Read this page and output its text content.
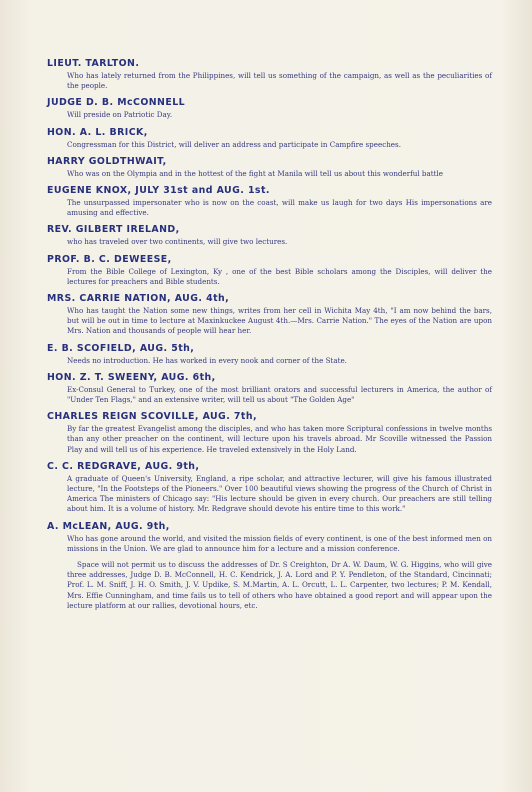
LIEUT. TARLTON.

Who has lately returned from the Philippines, will tell us something of the campaign, as well as the peculiarities of the people.

JUDGE D. B. McCONNELL

Will preside on Patriotic Day.

HON. A. L. BRICK,

Congressman for this District, will deliver an address and participate in Campfire speeches.

HARRY GOLDTHWAIT,

Who was on the Olympia and in the hottest of the fight at Manila will tell us about this wonderful battle

EUGENE KNOX, JULY 31st and AUG. 1st.

The unsurpassed impersonater who is now on the coast, will make us laugh for two days His impersonations are amusing and effective.

REV. GILBERT IRELAND,

who has traveled over two continents, will give two lectures.

PROF. B. C. DEWEESE,

From the Bible College of Lexington, Ky , one of the best Bible scholars among the Disciples, will deliver the lectures for preachers and Bible students.

MRS. CARRIE NATION, AUG. 4th,

Who has taught the Nation some new things, writes from her cell in Wichita May 4th, "I am now behind the bars, but will be out in time to lecture at Maxinkuckee August 4th.—Mrs. Carrie Nation." The eyes of the Nation are upon Mrs. Nation and thousands of people will hear her.

E. B. SCOFIELD, AUG. 5th,

Needs no introduction. He has worked in every nook and corner of the State.

HON. Z. T. SWEENY, AUG. 6th,

Ex-Consul General to Turkey, one of the most brilliant orators and successful lecturers in America, the author of "Under Ten Flags," and an extensive writer, will tell us about "The Golden Age"

CHARLES REIGN SCOVILLE, AUG. 7th,

By far the greatest Evangelist among the disciples, and who has taken more Scriptural confessions in twelve months than any other preacher on the continent, will lecture upon his travels abroad. Mr Scoville witnessed the Passion Play and will tell us of his experience. He traveled extensively in the Holy Land.

C. C. REDGRAVE, AUG. 9th,

A graduate of Queen's University, England, a ripe scholar, and attractive lecturer, will give his famous illustrated lecture, "In the Footsteps of the Pioneers." Over 100 beautiful views showing the progress of the Church of Christ in America The ministers of Chicago say: "His lecture should be given in every church. Our preachers are still telling about him. It is a volume of history. Mr. Redgrave should devote his entire time to this work."

A. McLEAN, AUG. 9th,

Who has gone around the world, and visited the mission fields of every continent, is one of the best informed men on missions in the Union. We are glad to announce him for a lecture and a mission conference.

Space will not permit us to discuss the addresses of Dr. S Creighton, Dr A. W. Daum, W. G. Higgins, who will give three addresses, Judge D. B. McConnell, H. C. Kendrick, J. A. Lord and P. Y. Pendleton, of the Standard, Cincinnati; Prof. L. M. Sniff, J. H. O. Smith, J. V. Updike, S. M.Martin, A. L. Orcutt, L. L. Carpenter, two lectures; P. M. Kendall, Mrs. Effie Cunningham, and time fails us to tell of others who have obtained a good report and will appear upon the lecture platform at our rallies, devotional hours, etc.
